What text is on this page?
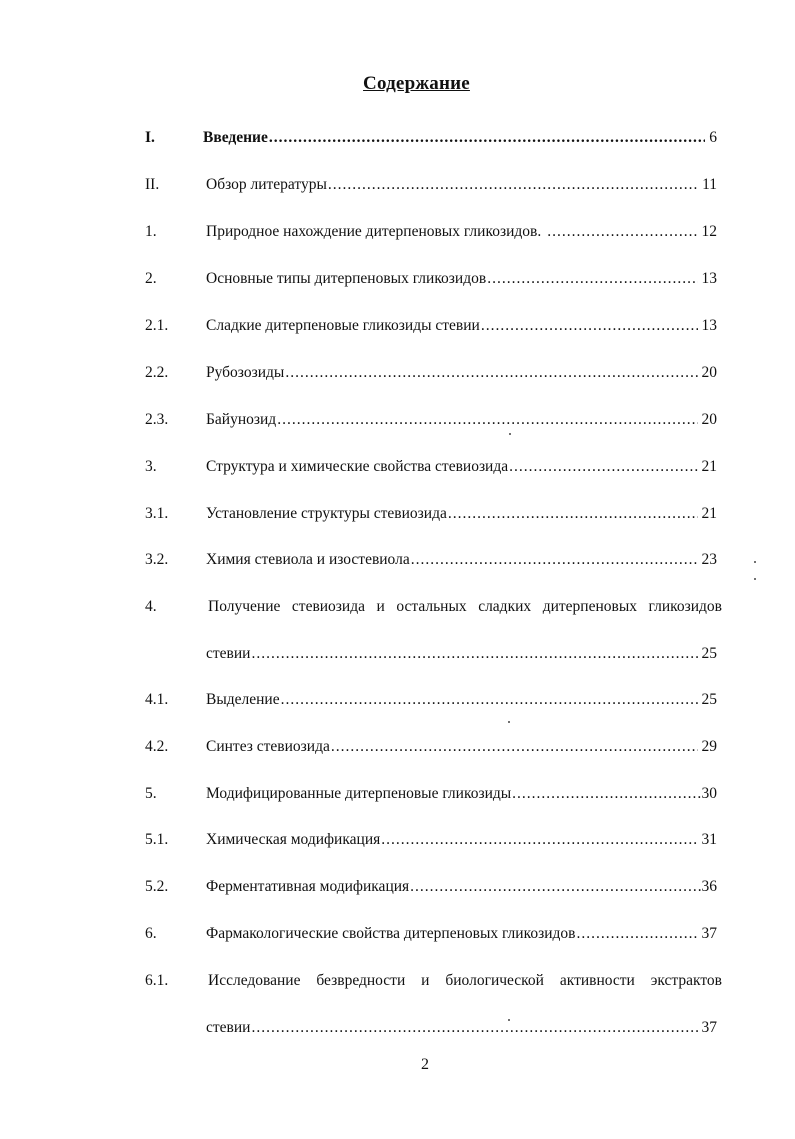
Содержание
I.	Введение .....	6
II.	Обзор литературы .....	11
1.	Природное нахождение дитерпеновых гликозидов. .....	12
2.	Основные типы дитерпеновых гликозидов .....	13
2.1. Сладкие дитерпеновые гликозиды стевии .....	13
2.2. Рубозозиды .....	20
2.3. Байунозид .....	20
3.	Структура и химические свойства стевиозида .....	21
3.1. Установление структуры стевиозида .....	21
3.2. Химия стевиола и изостевиола .....	23
4.	Получение стевиозида и остальных сладких дитерпеновых гликозидов
стевии .....	25
4.1. Выделение .....	25
4.2. Синтез стевиозида .....	29
5.	Модифицированные дитерпеновые гликозиды .....	30
5.1. Химическая модификация .....	31
5.2. Ферментативная модификация .....	36
6.	Фармакологические свойства дитерпеновых гликозидов .....	37
6.1.	Исследование безвредности и биологической активности экстрактов
стевии .....	37
2
